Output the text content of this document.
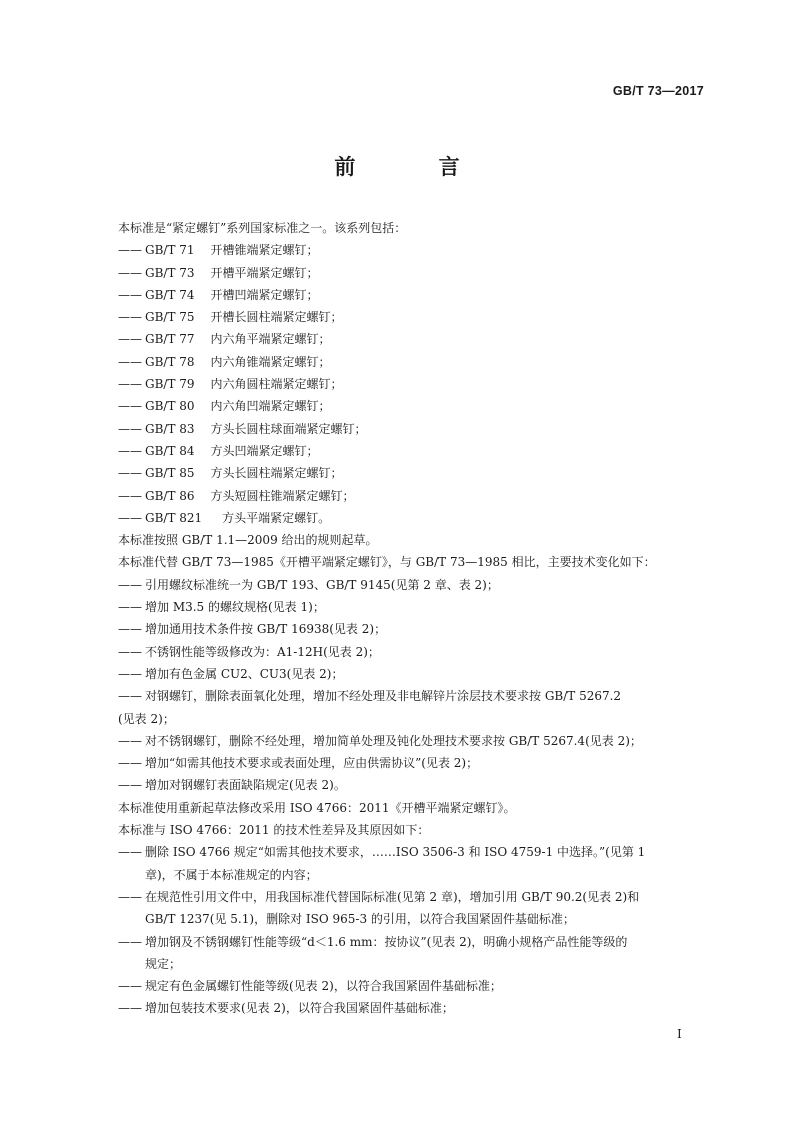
GB/T 73—2017
前 言
本标准是“紧定螺钉”系列国家标准之一。该系列包括：
—— GB/T 71 开槽锥端紧定螺钉；
—— GB/T 73 开槽平端紧定螺钉；
—— GB/T 74 开槽凹端紧定螺钉；
—— GB/T 75 开槽长圆柱端紧定螺钉；
—— GB/T 77 内六角平端紧定螺钉；
—— GB/T 78 内六角锥端紧定螺钉；
—— GB/T 79 内六角圆柱端紧定螺钉；
—— GB/T 80 内六角凹端紧定螺钉；
—— GB/T 83 方头长圆柱球面端紧定螺钉；
—— GB/T 84 方头凹端紧定螺钉；
—— GB/T 85 方头长圆柱端紧定螺钉；
—— GB/T 86 方头短圆柱锥端紧定螺钉；
—— GB/T 821 方头平端紧定螺钉。
本标准按照 GB/T 1.1—2009 给出的规则起草。
本标准代替 GB/T 73—1985《开槽平端紧定螺钉》，与 GB/T 73—1985 相比，主要技术变化如下：
—— 引用螺纹标准统一为 GB/T 193、GB/T 9145(见第 2 章、表 2)；
—— 增加 M3.5 的螺纹规格(见表 1)；
—— 增加通用技术条件按 GB/T 16938(见表 2)；
—— 不锈钢性能等级修改为：A1-12H(见表 2)；
—— 增加有色金属 CU2、CU3(见表 2)；
—— 对钢螺钉，删除表面氧化处理，增加不经处理及非电解锌片涂层技术要求按 GB/T 5267.2
(见表 2)；
—— 对不锈钢螺钉，删除不经处理，增加简单处理及钝化处理技术要求按 GB/T 5267.4(见表 2)；
—— 增加“如需其他技术要求或表面处理，应由供需协议”(见表 2)；
—— 增加对钢螺钉表面缺陷规定(见表 2)。
本标准使用重新起草法修改采用 ISO 4766：2011《开槽平端紧定螺钉》。
本标准与 ISO 4766：2011 的技术性差异及其原因如下：
—— 删除 ISO 4766 规定“如需其他技术要求，……ISO 3506-3 和 ISO 4759-1 中选择。”(见第 1
章)，不属于本标准规定的内容；
—— 在规范性引用文件中，用我国标准代替国际标准(见第 2 章)，增加引用 GB/T 90.2(见表 2)和
GB/T 1237(见 5.1)，删除对 ISO 965-3 的引用，以符合我国紧固件基础标准；
—— 增加钢及不锈钢螺钉性能等级“d＜1.6 mm：按协议”(见表 2)，明确小规格产品性能等级的
规定；
—— 规定有色金属螺钉性能等级(见表 2)，以符合我国紧固件基础标准；
—— 增加包装技术要求(见表 2)，以符合我国紧固件基础标准；
I
